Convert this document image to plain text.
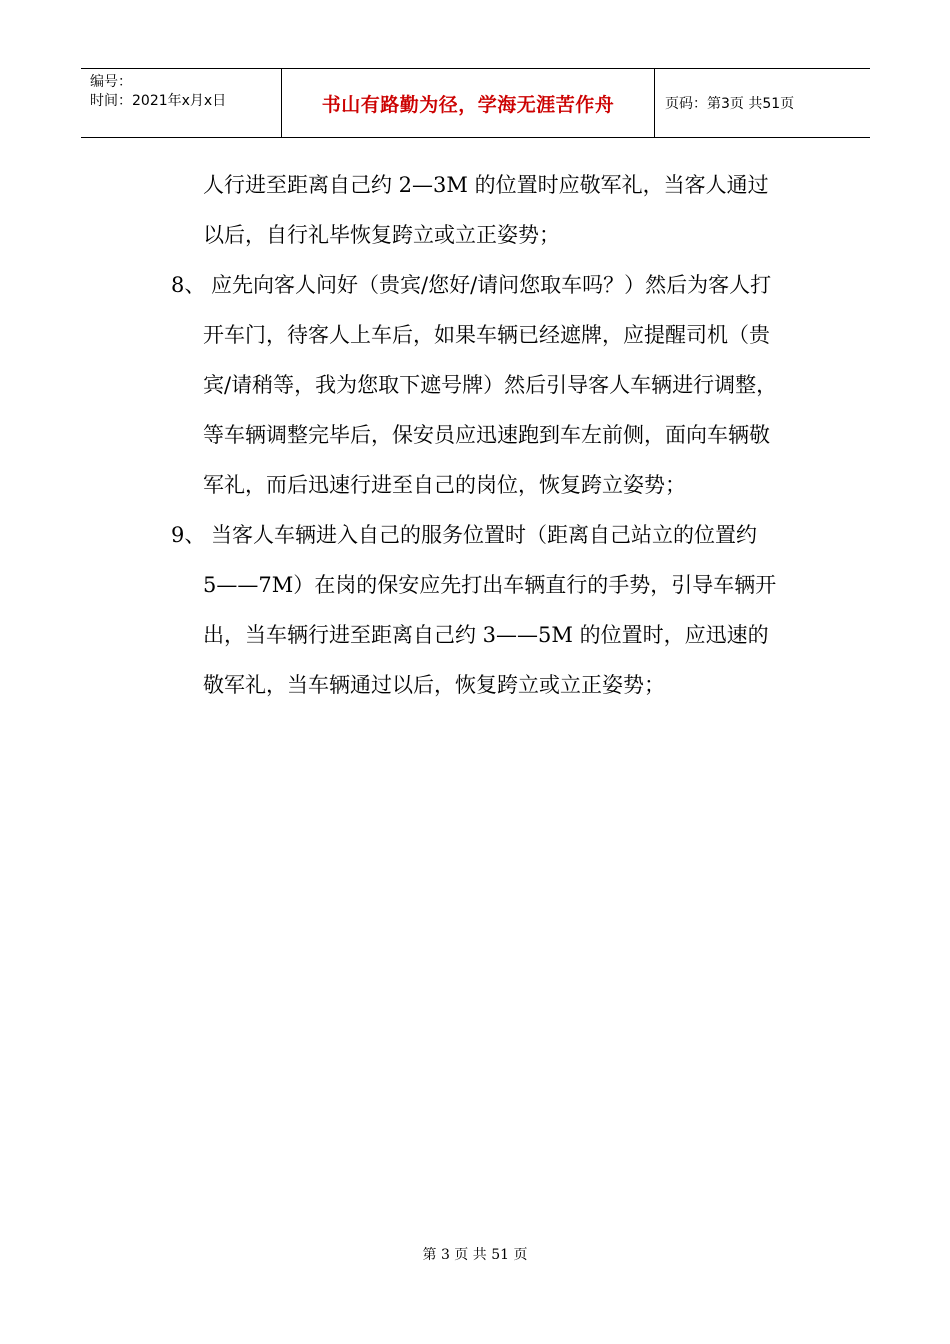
编号：
时间：2021年x月x日	书山有路勤为径，学海无涯苦作舟	页码：第3页 共51页
人行进至距离自己约 2—3M 的位置时应敬军礼，当客人通过
以后，自行礼毕恢复跨立或立正姿势；
8、 应先向客人问好（贵宾/您好/请问您取车吗？）然后为客人打
开车门，待客人上车后，如果车辆已经遮牌，应提醒司机（贵
宾/请稍等，我为您取下遮号牌）然后引导客人车辆进行调整，
等车辆调整完毕后，保安员应迅速跑到车左前侧，面向车辆敬
军礼，而后迅速行进至自己的岗位，恢复跨立姿势；
9、 当客人车辆进入自己的服务位置时（距离自己站立的位置约
5——7M）在岗的保安应先打出车辆直行的手势，引导车辆开
出，当车辆行进至距离自己约 3——5M 的位置时，应迅速的
敬军礼，当车辆通过以后，恢复跨立或立正姿势；
第 3 页 共 51 页
